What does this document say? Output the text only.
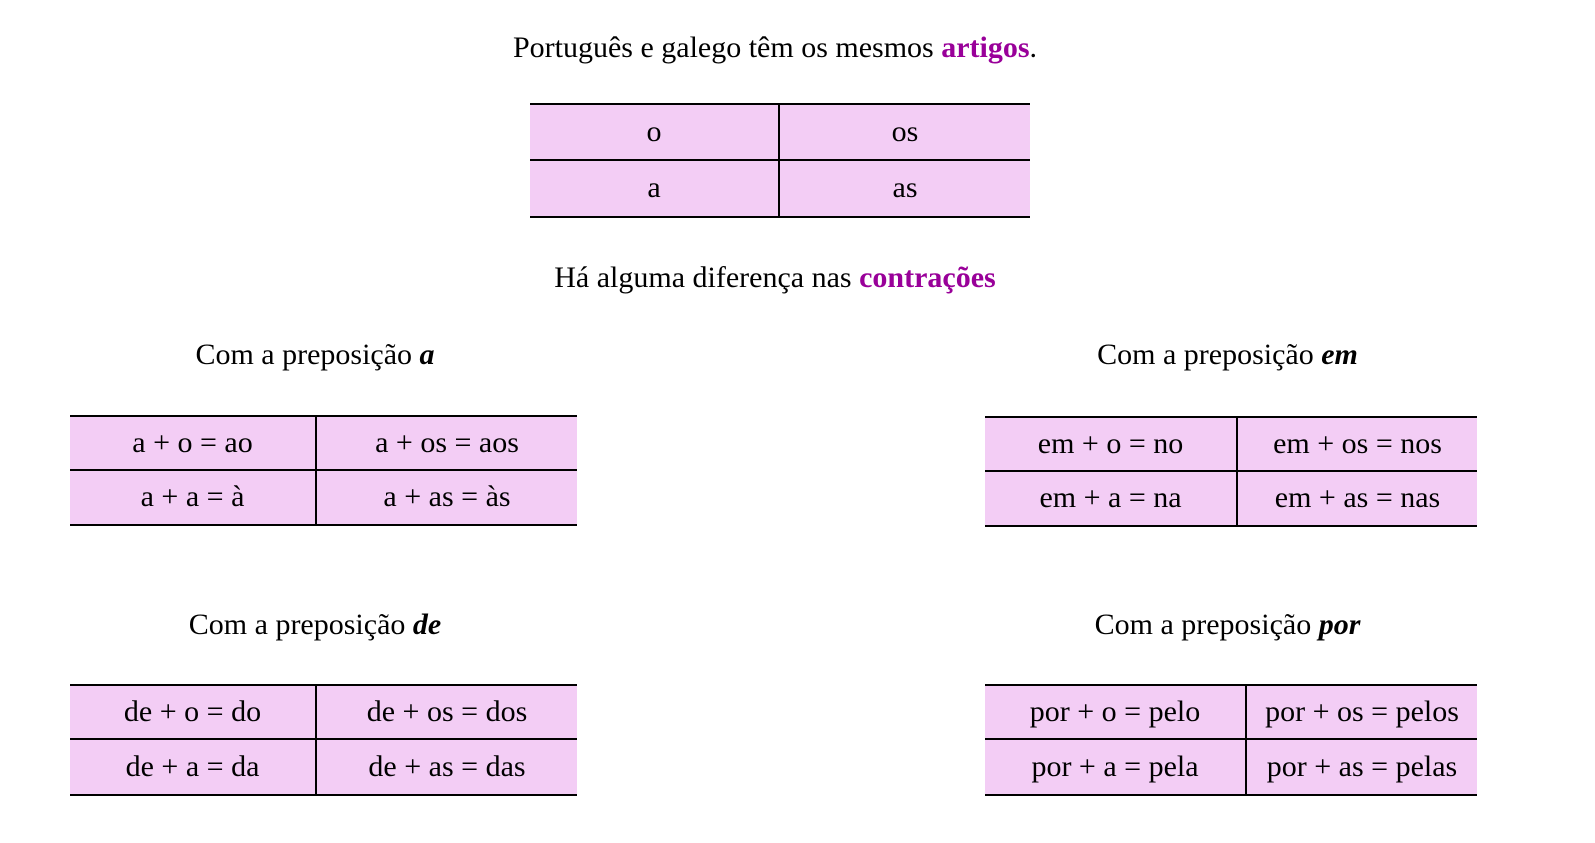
Português e galego têm os mesmos artigos.
o	os
a	as
Há alguma diferença nas contrações
Com a preposição a
a + o = ao	a + os = aos
a + a = à	a + as = às
Com a preposição em
em + o = no	em + os = nos
em + a = na	em + as = nas
Com a preposição de
de + o = do	de + os = dos
de + a = da	de + as = das
Com a preposição por
por + o = pelo	por + os = pelos
por + a = pela	por + as = pelas
